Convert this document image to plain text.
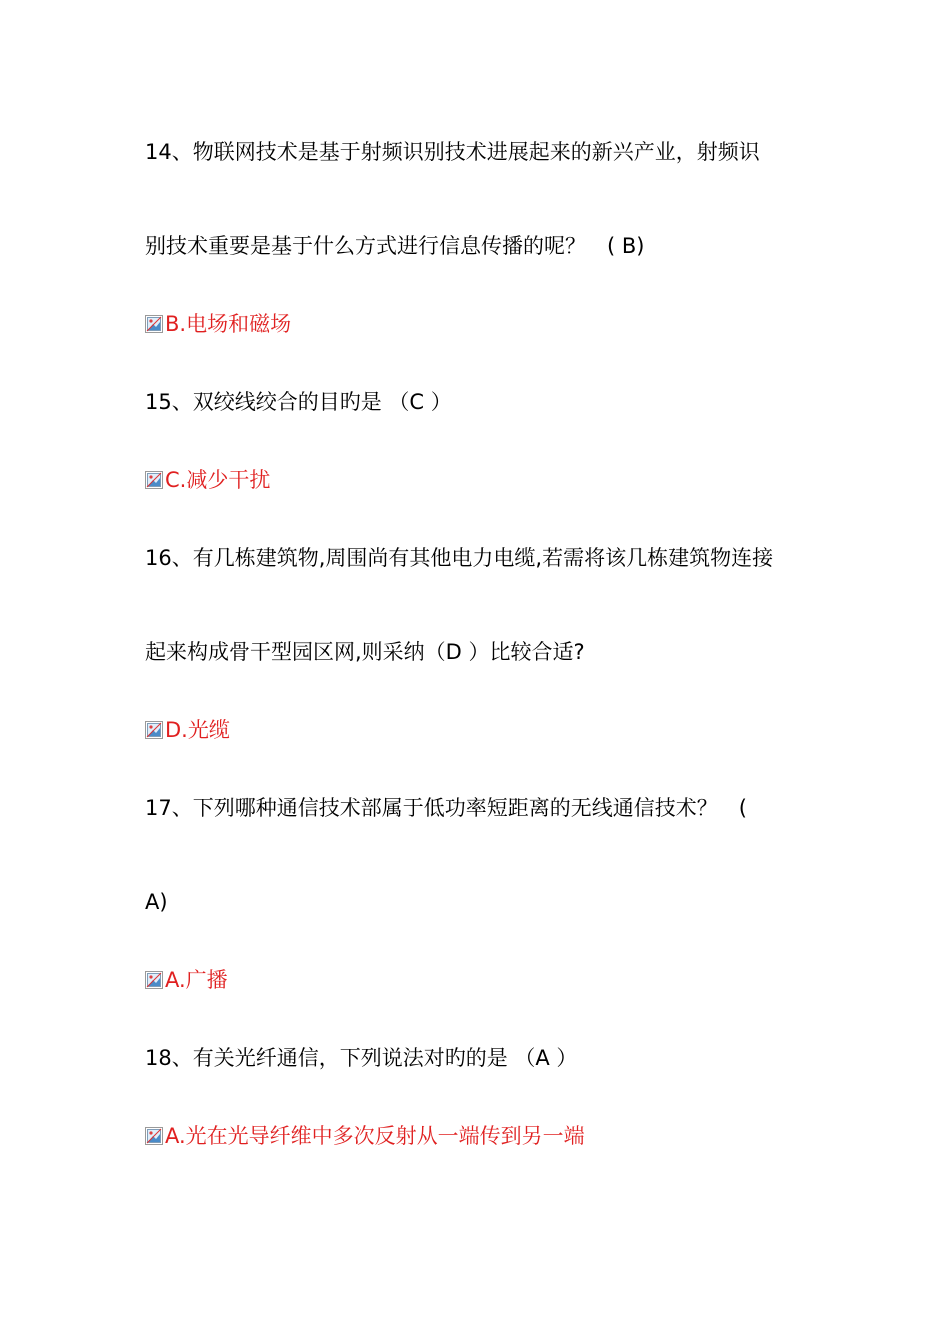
14、物联网技术是基于射频识别技术进展起来的新兴产业，射频识
别技术重要是基于什么方式进行信息传播的呢？　( B)
B.电场和磁场
15、双绞线绞合的目旳是 （C ）
C.减少干扰
16、有几栋建筑物,周围尚有其他电力电缆,若需将该几栋建筑物连接
起来构成骨干型园区网,则采纳（D ）比较合适?
D.光缆
17、下列哪种通信技术部属于低功率短距离的无线通信技术？　(
A)
A.广播
18、有关光纤通信，下列说法对旳的是 （A ）
A.光在光导纤维中多次反射从一端传到另一端
